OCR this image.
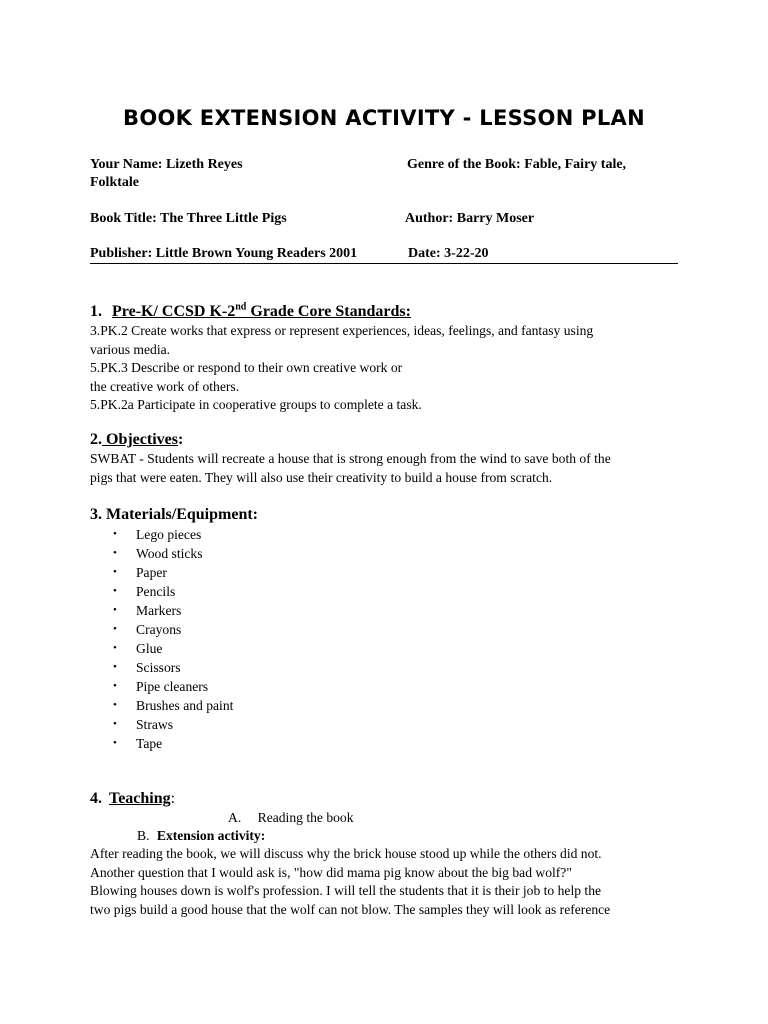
BOOK EXTENSION ACTIVITY - LESSON PLAN
Your Name: Lizeth Reyes	Genre of the Book: Fable, Fairy tale,
Folktale
Book Title: The Three Little Pigs	Author: Barry Moser
Publisher: Little Brown Young Readers 2001	Date: 3-22-20
1. Pre-K/ CCSD K-2nd Grade Core Standards:
3.PK.2 Create works that express or represent experiences, ideas, feelings, and fantasy using
various media.
5.PK.3 Describe or respond to their own creative work or
the creative work of others.
5.PK.2a Participate in cooperative groups to complete a task.
2. Objectives:
SWBAT - Students will recreate a house that is strong enough from the wind to save both of the
pigs that were eaten. They will also use their creativity to build a house from scratch.
3. Materials/Equipment:
• Lego pieces
• Wood sticks
• Paper
• Pencils
• Markers
• Crayons
• Glue
• Scissors
• Pipe cleaners
• Brushes and paint
• Straws
• Tape
4. Teaching:
A. Reading the book
B. Extension activity:
After reading the book, we will discuss why the brick house stood up while the others did not.
Another question that I would ask is, "how did mama pig know about the big bad wolf?"
Blowing houses down is wolf's profession. I will tell the students that it is their job to help the
two pigs build a good house that the wolf can not blow. The samples they will look as reference
